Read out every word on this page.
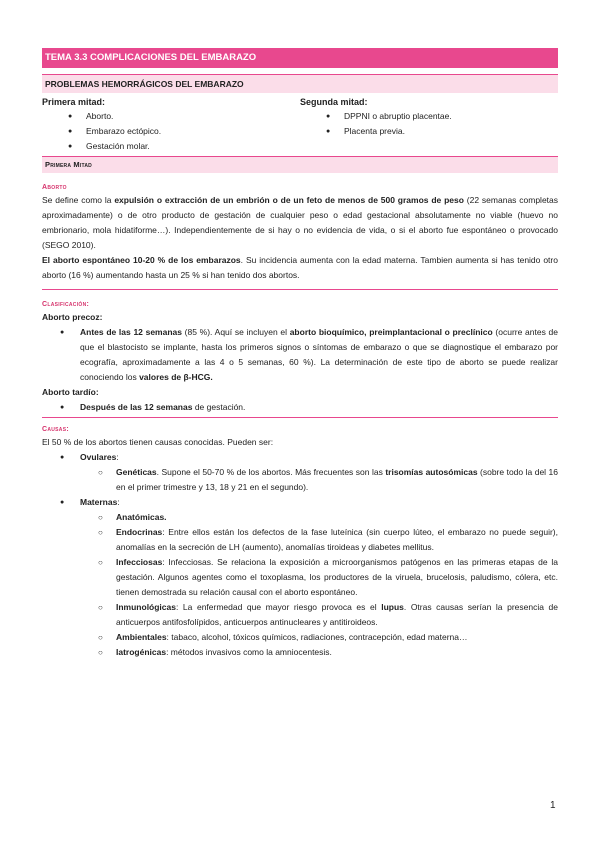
TEMA 3.3 COMPLICACIONES DEL EMBARAZO
PROBLEMAS HEMORRÁGICOS DEL EMBARAZO
Primera mitad:
● Aborto.
● Embarazo ectópico.
● Gestación molar.
Segunda mitad:
● DPPNI o abruptio placentae.
● Placenta previa.
Primera Mitad
Aborto
Se define como la expulsión o extracción de un embrión o de un feto de menos de 500 gramos de peso (22 semanas completas aproximadamente) o de otro producto de gestación de cualquier peso o edad gestacional absolutamente no viable (huevo no embrionario, mola hidatiforme…). Independientemente de si hay o no evidencia de vida, o si el aborto fue espontáneo o provocado (SEGO 2010).
El aborto espontáneo 10-20 % de los embarazos. Su incidencia aumenta con la edad materna. Tambien aumenta si has tenido otro aborto (16 %) aumentando hasta un 25 % si han tenido dos abortos.
Clasificación:
Aborto precoz:
● Antes de las 12 semanas (85 %). Aquí se incluyen el aborto bioquímico, preimplantacional o preclínico (ocurre antes de que el blastocisto se implante, hasta los primeros signos o síntomas de embarazo o que se diagnostique el embarazo por ecografía, aproximadamente a las 4 o 5 semanas, 60 %). La determinación de este tipo de aborto se puede realizar conociendo los valores de β-HCG.
Aborto tardío:
● Después de las 12 semanas de gestación.
Causas:
El 50 % de los abortos tienen causas conocidas. Pueden ser:
● Ovulares:
○ Genéticas. Supone el 50-70 % de los abortos. Más frecuentes son las trisomías autosómicas (sobre todo la del 16 en el primer trimestre y 13, 18 y 21 en el segundo).
● Maternas:
○ Anatómicas.
○ Endocrinas: Entre ellos están los defectos de la fase luteínica (sin cuerpo lúteo, el embarazo no puede seguir), anomalías en la secreción de LH (aumento), anomalías tiroideas y diabetes mellitus.
○ Infecciosas: Infecciosas. Se relaciona la exposición a microorganismos patógenos en las primeras etapas de la gestación. Algunos agentes como el toxoplasma, los productores de la viruela, brucelosis, paludismo, cólera, etc. tienen demostrada su relación causal con el aborto espontáneo.
○ Inmunológicas: La enfermedad que mayor riesgo provoca es el lupus. Otras causas serían la presencia de anticuerpos antifosfolípidos, anticuerpos antinucleares y antitiroideos.
○ Ambientales: tabaco, alcohol, tóxicos químicos, radiaciones, contracepción, edad materna…
○ Iatrogénicas: métodos invasivos como la amniocentesis.
1
